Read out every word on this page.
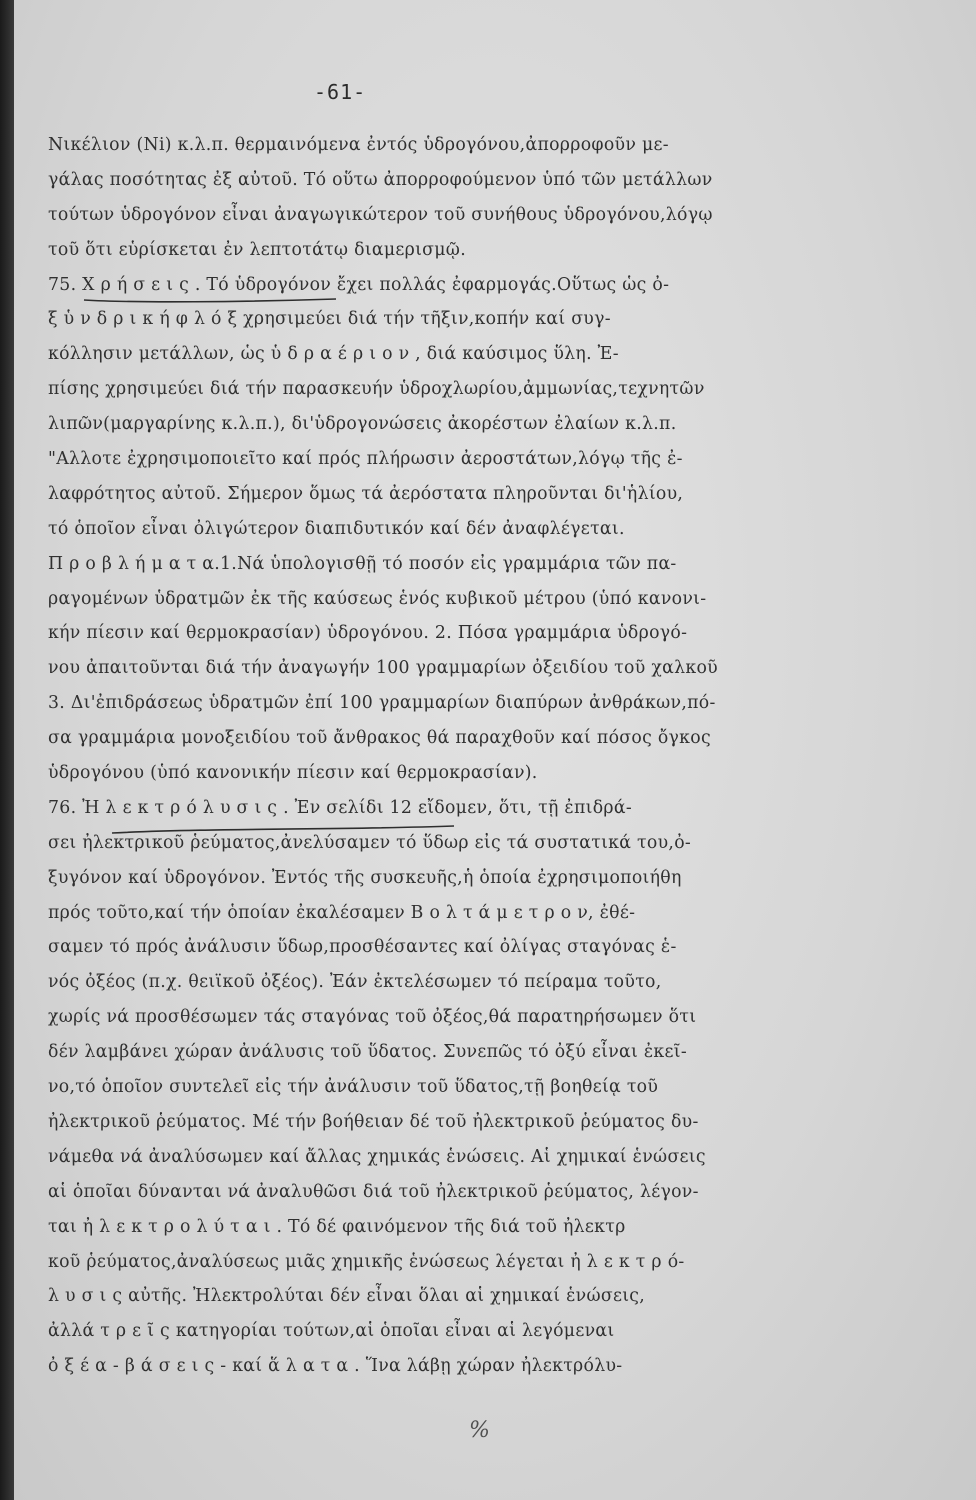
-61-
Nικέλιον (Ni) κ.λ.π. θερμαινόμενα ἐντός ὑδρογόνου,ἀπορροφοῦν με-
γάλας ποσότητας ἐξ αὐτοῦ. Τό οὕτω ἀπορροφούμενον ὑπό τῶν μετάλλων
τούτων ὑδρογόνον εἶναι ἀναγωγικώτερον τοῦ συνήθους ὑδρογόνου,λόγῳ
τοῦ ὅτι εὑρίσκεται ἐν λεπτοτάτῳ διαμερισμῷ.
75. Χ ρ ή σ ε ι ς . Τό ὑδρογόνον ἔχει πολλάς ἐφαρμογάς.Οὕτως ὡς ὀ-
ξ ὑ ν δ ρ ι κ ή φ λ ό ξ χρησιμεύει διά τήν τῆξιν,κοπήν καί συγ-
κόλλησιν μετάλλων, ὡς ὑ δ ρ α έ ρ ι ο ν , διά καύσιμος ὕλη. Ἐ-
πίσης χρησιμεύει διά τήν παρασκευήν ὑδροχλωρίου,ἀμμωνίας,τεχνητῶν
λιπῶν(μαργαρίνης κ.λ.π.), δι'ὑδρογονώσεις ἀκορέστων ἐλαίων κ.λ.π.
"Αλλοτε ἐχρησιμοποιεῖτο καί πρός πλήρωσιν ἀεροστάτων,λόγῳ τῆς ἐ-
λαφρότητος αὐτοῦ. Σήμερον ὅμως τά ἀερόστατα πληροῦνται δι'ἡλίου,
τό ὁποῖον εἶναι ὀλιγώτερον διαπιδυτικόν καί δέν ἀναφλέγεται.
Π ρ ο β λ ή μ α τ α.1.Νά ὑπολογισθῇ τό ποσόν εἰς γραμμάρια τῶν πα-
ραγομένων ὑδρατμῶν ἐκ τῆς καύσεως ἑνός κυβικοῦ μέτρου (ὑπό κανονι-
κήν πίεσιν καί θερμοκρασίαν) ὑδρογόνου. 2. Πόσα γραμμάρια ὑδρογό-
νου ἀπαιτοῦνται διά τήν ἀναγωγήν 100 γραμμαρίων ὀξειδίου τοῦ χαλκοῦ
3. Δι'ἐπιδράσεως ὑδρατμῶν ἐπί 100 γραμμαρίων διαπύρων ἀνθράκων,πό-
σα γραμμάρια μονοξειδίου τοῦ ἄνθρακος θά παραχθοῦν καί πόσος ὄγκος
ὑδρογόνου (ὑπό κανονικήν πίεσιν καί θερμοκρασίαν).
76. Ἠ λ ε κ τ ρ ό λ υ σ ι ς . Ἐν σελίδι 12 εἴδομεν, ὅτι, τῇ ἐπιδρά-
σει ἠλεκτρικοῦ ῥεύματος,ἀνελύσαμεν τό ὕδωρ εἰς τά συστατικά του,ὀ-
ξυγόνον καί ὑδρογόνον. Ἐντός τῆς συσκευῆς,ἡ ὁποία ἐχρησιμοποιήθη
πρός τοῦτο,καί τήν ὁποίαν ἐκαλέσαμεν Β ο λ τ ά μ ε τ ρ ο ν, ἐθέ-
σαμεν τό πρός ἀνάλυσιν ὕδωρ,προσθέσαντες καί ὀλίγας σταγόνας ἑ-
νός ὀξέος (π.χ. θειϊκοῦ ὀξέος). Ἐάν ἐκτελέσωμεν τό πείραμα τοῦτο,
χωρίς νά προσθέσωμεν τάς σταγόνας τοῦ ὀξέος,θά παρατηρήσωμεν ὅτι
δέν λαμβάνει χώραν ἀνάλυσις τοῦ ὕδατος. Συνεπῶς τό ὀξύ εἶναι ἐκεῖ-
νο,τό ὁποῖον συντελεῖ εἰς τήν ἀνάλυσιν τοῦ ὕδατος,τῇ βοηθείᾳ τοῦ
ἠλεκτρικοῦ ῥεύματος. Μέ τήν βοήθειαν δέ τοῦ ἠλεκτρικοῦ ῥεύματος δυ-
νάμεθα νά ἀναλύσωμεν καί ἄλλας χημικάς ἑνώσεις. Αἱ χημικαί ἑνώσεις
αἱ ὁποῖαι δύνανται νά ἀναλυθῶσι διά τοῦ ἠλεκτρικοῦ ῥεύματος, λέγον-
ται ἠ λ ε κ τ ρ ο λ ύ τ α ι . Τό δέ φαινόμενον τῆς διά τοῦ ἠλεκτρ
κοῦ ῥεύματος,ἀναλύσεως μιᾶς χημικῆς ἑνώσεως λέγεται ἠ λ ε κ τ ρ ό-
λ υ σ ι ς αὐτῆς. Ἠλεκτρολύται δέν εἶναι ὅλαι αἱ χημικαί ἑνώσεις,
ἀλλά τ ρ ε ῖ ς κατηγορίαι τούτων,αἱ ὁποῖαι εἶναι αἱ λεγόμεναι
ὀ ξ έ α - β ά σ ε ι ς - καί ἅ λ α τ α . Ἵνα λάβῃ χώραν ἠλεκτρόλυ-
%
